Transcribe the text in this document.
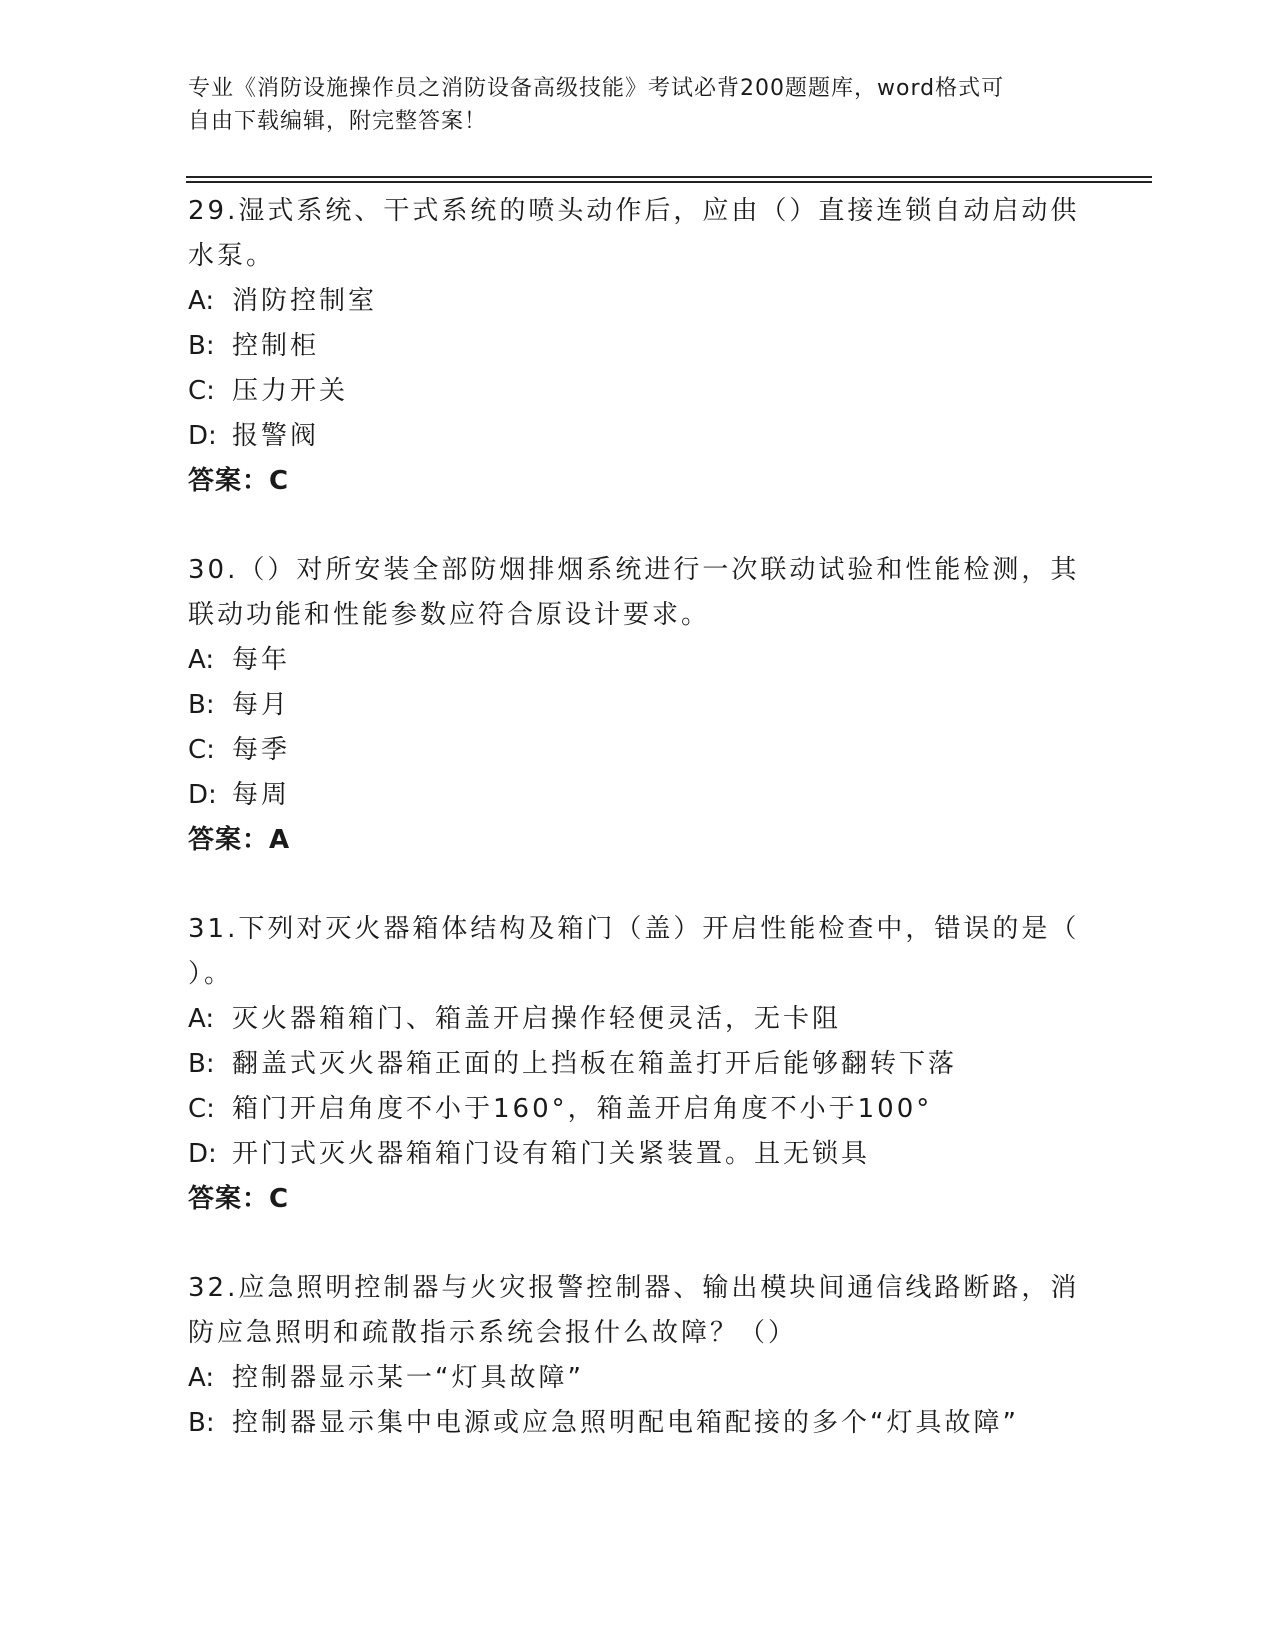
专业《消防设施操作员之消防设备高级技能》考试必背200题题库，word格式可
自由下载编辑，附完整答案！
29.湿式系统、干式系统的喷头动作后，应由（）直接连锁自动启动供
水泵。
A: 消防控制室
B: 控制柜
C: 压力开关
D: 报警阀
答案：C
30.（）对所安装全部防烟排烟系统进行一次联动试验和性能检测，其
联动功能和性能参数应符合原设计要求。
A: 每年
B: 每月
C: 每季
D: 每周
答案：A
31.下列对灭火器箱体结构及箱门（盖）开启性能检查中，错误的是（
）。
A: 灭火器箱箱门、箱盖开启操作轻便灵活，无卡阻
B: 翻盖式灭火器箱正面的上挡板在箱盖打开后能够翻转下落
C: 箱门开启角度不小于160°，箱盖开启角度不小于100°
D: 开门式灭火器箱箱门设有箱门关紧装置。且无锁具
答案：C
32.应急照明控制器与火灾报警控制器、输出模块间通信线路断路，消
防应急照明和疏散指示系统会报什么故障？（）
A: 控制器显示某一“灯具故障”
B: 控制器显示集中电源或应急照明配电箱配接的多个“灯具故障”
